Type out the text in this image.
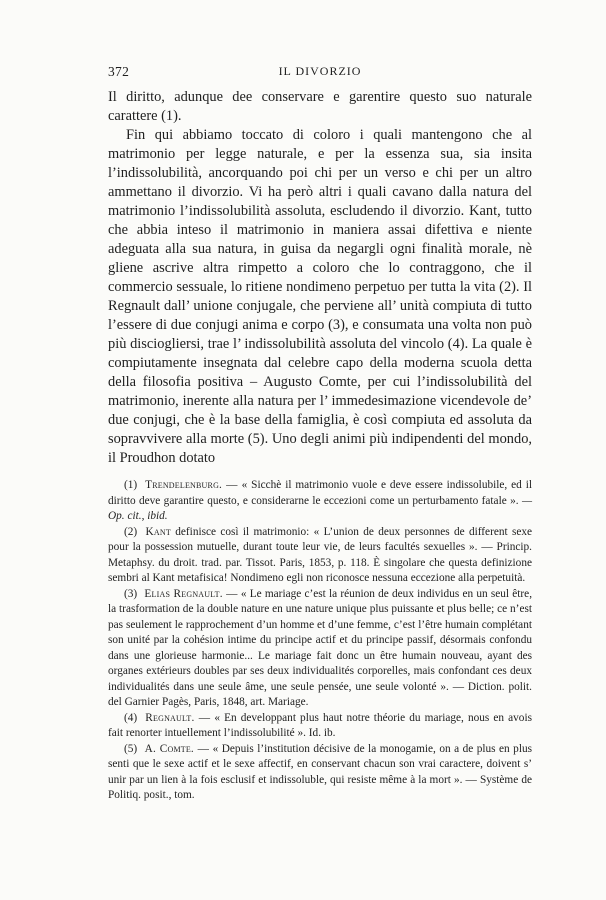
372	IL DIVORZIO

Il diritto, adunque dee conservare e garentire questo suo naturale carattere (1).

Fin qui abbiamo toccato di coloro i quali mantengono che al matrimonio per legge naturale, e per la essenza sua, sia insita l’indissolubilità, ancorquando poi chi per un verso e chi per un altro ammettano il divorzio. Vi ha però altri i quali cavano dalla natura del matrimonio l’indissolubilità assoluta, escludendo il divorzio. Kant, tutto che abbia inteso il matrimonio in maniera assai difettiva e niente adeguata alla sua natura, in guisa da negargli ogni finalità morale, nè gliene ascrive altra rimpetto a coloro che lo contraggono, che il commercio sessuale, lo ritiene nondimeno perpetuo per tutta la vita (2). Il Regnault dall’ unione conjugale, che perviene all’ unità compiuta di tutto l’essere di due conjugi anima e corpo (3), e consumata una volta non può più disciogliersi, trae l’ indissolubilità assoluta del vincolo (4). La quale è compiutamente insegnata dal celebre capo della moderna scuola detta della filosofia positiva – Augusto Comte, per cui l’indissolubilità del matrimonio, inerente alla natura per l’ immedesimazione vicendevole de’ due conjugi, che è la base della famiglia, è così compiuta ed assoluta da sopravvivere alla morte (5). Uno degli animi più indipendenti del mondo, il Proudhon dotato

(1) Trendelenburg. — « Sicchè il matrimonio vuole e deve essere indissolubile, ed il diritto deve garantire questo, e considerarne le eccezioni come un perturbamento fatale ». — Op. cit., ibid.

(2) Kant definisce così il matrimonio: « L’union de deux personnes de different sexe pour la possession mutuelle, durant toute leur vie, de leurs facultés sexuelles ». — Princip. Metaphsy. du droit. trad. par. Tissot. Paris, 1853, p. 118. È singolare che questa definizione sembri al Kant metafisica! Nondimeno egli non riconosce nessuna eccezione alla perpetuità.

(3) Elias Regnault. — « Le mariage c’est la réunion de deux individus en un seul être, la trasformation de la double nature en une nature unique plus puissante et plus belle; ce n’est pas seulement le rapprochement d’un homme et d’une femme, c’est l’être humain complétant son unité par la cohésion intime du principe actif et du principe passif, désormais confondu dans une glorieuse harmonie... Le mariage fait donc un être humain nouveau, ayant des organes extérieurs doubles par ses deux individualités corporelles, mais confondant ces deux individualités dans une seule âme, une seule pensée, une seule volonté ». — Diction. polit. del Garnier Pagès, Paris, 1848, art. Mariage.

(4) Regnault. — « En developpant plus haut notre théorie du mariage, nous en avois fait renorter intuellement l’indissolubilité ». Id. ib.

(5) A. Comte. — « Depuis l’institution décisive de la monogamie, on a de plus en plus senti que le sexe actif et le sexe affectif, en conservant chacun son vrai caractere, doivent s’ unir par un lien à la fois esclusif et indissoluble, qui resiste même à la mort ». — Système de Politiq. posit., tom.
